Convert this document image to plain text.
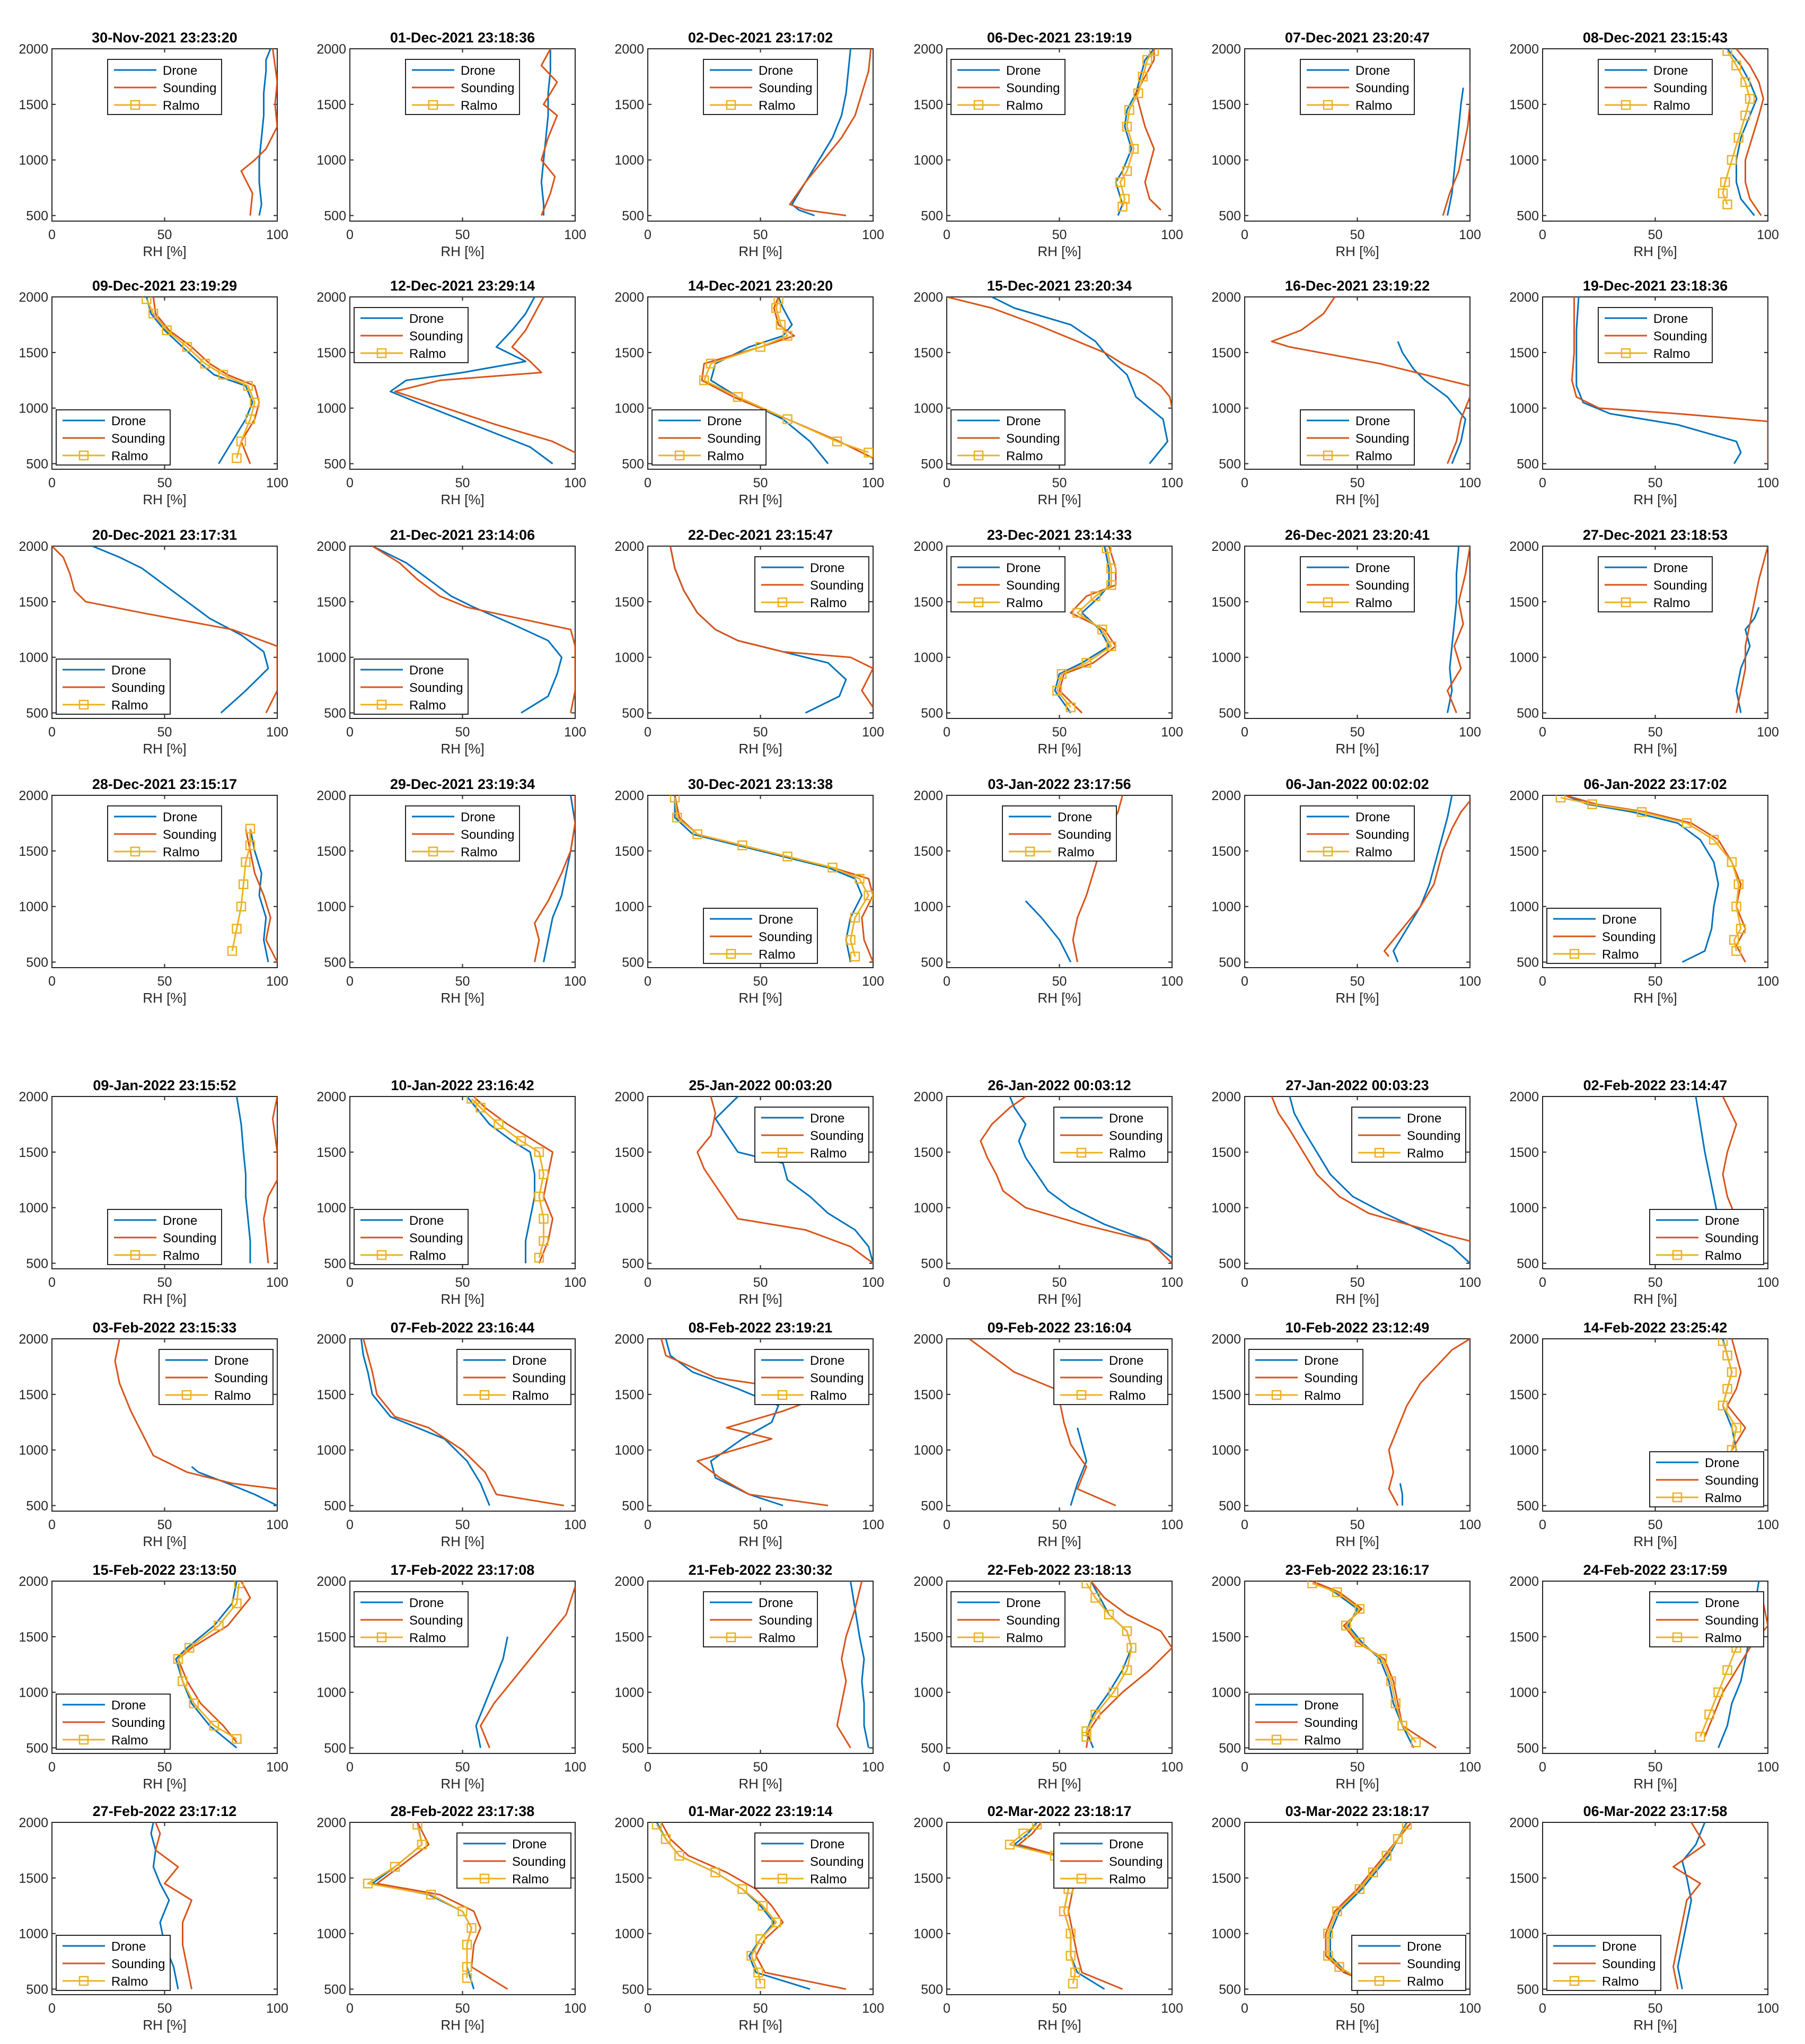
30-Nov-2021 23:23:20
0	50	100
500
1000
1500
2000
RH [%]
Drone
Sounding
Ralmo
01-Dec-2021 23:18:36
0	50	100
500
1000
1500
2000
RH [%]
Drone
Sounding
Ralmo
02-Dec-2021 23:17:02
0	50	100
500
1000
1500
2000
RH [%]
Drone
Sounding
Ralmo
06-Dec-2021 23:19:19
0	50	100
500
1000
1500
2000
RH [%]
Drone
Sounding
Ralmo
07-Dec-2021 23:20:47
0	50	100
500
1000
1500
2000
RH [%]
Drone
Sounding
Ralmo
08-Dec-2021 23:15:43
0	50	100
500
1000
1500
2000
RH [%]
Drone
Sounding
Ralmo
09-Dec-2021 23:19:29
0	50	100
500
1000
1500
2000
RH [%]
Drone
Sounding
Ralmo
12-Dec-2021 23:29:14
0	50	100
500
1000
1500
2000
RH [%]
Drone
Sounding
Ralmo
14-Dec-2021 23:20:20
0	50	100
500
1000
1500
2000
RH [%]
Drone
Sounding
Ralmo
15-Dec-2021 23:20:34
0	50	100
500
1000
1500
2000
RH [%]
Drone
Sounding
Ralmo
16-Dec-2021 23:19:22
0	50	100
500
1000
1500
2000
RH [%]
Drone
Sounding
Ralmo
19-Dec-2021 23:18:36
0	50	100
500
1000
1500
2000
RH [%]
Drone
Sounding
Ralmo
20-Dec-2021 23:17:31
0	50	100
500
1000
1500
2000
RH [%]
Drone
Sounding
Ralmo
21-Dec-2021 23:14:06
0	50	100
500
1000
1500
2000
RH [%]
Drone
Sounding
Ralmo
22-Dec-2021 23:15:47
0	50	100
500
1000
1500
2000
RH [%]
Drone
Sounding
Ralmo
23-Dec-2021 23:14:33
0	50	100
500
1000
1500
2000
RH [%]
Drone
Sounding
Ralmo
26-Dec-2021 23:20:41
0	50	100
500
1000
1500
2000
RH [%]
Drone
Sounding
Ralmo
27-Dec-2021 23:18:53
0	50	100
500
1000
1500
2000
RH [%]
Drone
Sounding
Ralmo
28-Dec-2021 23:15:17
0	50	100
500
1000
1500
2000
RH [%]
Drone
Sounding
Ralmo
29-Dec-2021 23:19:34
0	50	100
500
1000
1500
2000
RH [%]
Drone
Sounding
Ralmo
30-Dec-2021 23:13:38
0	50	100
500
1000
1500
2000
RH [%]
Drone
Sounding
Ralmo
03-Jan-2022 23:17:56
0	50	100
500
1000
1500
2000
RH [%]
Drone
Sounding
Ralmo
06-Jan-2022 00:02:02
0	50	100
500
1000
1500
2000
RH [%]
Drone
Sounding
Ralmo
06-Jan-2022 23:17:02
0	50	100
500
1000
1500
2000
RH [%]
Drone
Sounding
Ralmo
09-Jan-2022 23:15:52
0	50	100
500
1000
1500
2000
RH [%]
Drone
Sounding
Ralmo
10-Jan-2022 23:16:42
0	50	100
500
1000
1500
2000
RH [%]
Drone
Sounding
Ralmo
25-Jan-2022 00:03:20
0	50	100
500
1000
1500
2000
RH [%]
Drone
Sounding
Ralmo
26-Jan-2022 00:03:12
0	50	100
500
1000
1500
2000
RH [%]
Drone
Sounding
Ralmo
27-Jan-2022 00:03:23
0	50	100
500
1000
1500
2000
RH [%]
Drone
Sounding
Ralmo
02-Feb-2022 23:14:47
0	50	100
500
1000
1500
2000
RH [%]
Drone
Sounding
Ralmo
03-Feb-2022 23:15:33
0	50	100
500
1000
1500
2000
RH [%]
Drone
Sounding
Ralmo
07-Feb-2022 23:16:44
0	50	100
500
1000
1500
2000
RH [%]
Drone
Sounding
Ralmo
08-Feb-2022 23:19:21
0	50	100
500
1000
1500
2000
RH [%]
Drone
Sounding
Ralmo
09-Feb-2022 23:16:04
0	50	100
500
1000
1500
2000
RH [%]
Drone
Sounding
Ralmo
10-Feb-2022 23:12:49
0	50	100
500
1000
1500
2000
RH [%]
Drone
Sounding
Ralmo
14-Feb-2022 23:25:42
0	50	100
500
1000
1500
2000
RH [%]
Drone
Sounding
Ralmo
15-Feb-2022 23:13:50
0	50	100
500
1000
1500
2000
RH [%]
Drone
Sounding
Ralmo
17-Feb-2022 23:17:08
0	50	100
500
1000
1500
2000
RH [%]
Drone
Sounding
Ralmo
21-Feb-2022 23:30:32
0	50	100
500
1000
1500
2000
RH [%]
Drone
Sounding
Ralmo
22-Feb-2022 23:18:13
0	50	100
500
1000
1500
2000
RH [%]
Drone
Sounding
Ralmo
23-Feb-2022 23:16:17
0	50	100
500
1000
1500
2000
RH [%]
Drone
Sounding
Ralmo
24-Feb-2022 23:17:59
0	50	100
500
1000
1500
2000
RH [%]
Drone
Sounding
Ralmo
27-Feb-2022 23:17:12
0	50	100
500
1000
1500
2000
RH [%]
Drone
Sounding
Ralmo
28-Feb-2022 23:17:38
0	50	100
500
1000
1500
2000
RH [%]
Drone
Sounding
Ralmo
01-Mar-2022 23:19:14
0	50	100
500
1000
1500
2000
RH [%]
Drone
Sounding
Ralmo
02-Mar-2022 23:18:17
0	50	100
500
1000
1500
2000
RH [%]
Drone
Sounding
Ralmo
03-Mar-2022 23:18:17
0	50	100
500
1000
1500
2000
RH [%]
Drone
Sounding
Ralmo
06-Mar-2022 23:17:58
0	50	100
500
1000
1500
2000
RH [%]
Drone
Sounding
Ralmo
